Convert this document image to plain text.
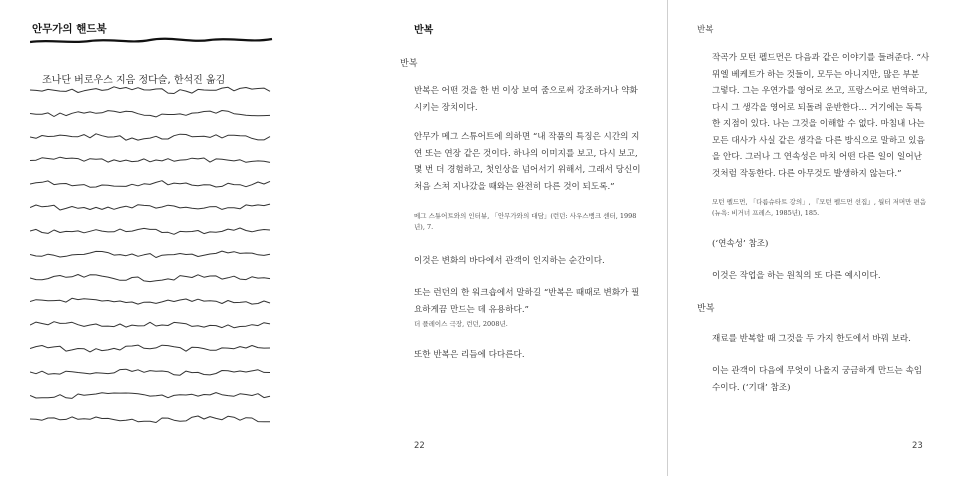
안무가의 핸드북
조나단 버로우스 지음 정다슬, 한석진 옮김
반복
반복
반복은 어떤 것을 한 번 이상 보여 줌으로써 강조하거나 약화시키는 장치이다.
안무가 메그 스튜어트에 의하면 “내 작품의 특징은 시간의 지연 또는 연장 같은 것이다. 하나의 이미지를 보고, 다시 보고, 몇 번 더 경험하고, 첫인상을 넘어서기 위해서, 그래서 당신이 처음 스쳐 지나갔을 때와는 완전히 다른 것이 되도록.”
메그 스튜어트와의 인터뷰, 「안무가와의 대담」(런던: 사우스뱅크 센터, 1998년), 7.
이것은 변화의 바다에서 관객이 인지하는 순간이다.
또는 런던의 한 워크숍에서 말하길 “반복은 때때로 변화가 필요하게끔 만드는 데 유용하다.”
더 플레이스 극장, 런던, 2008년.
또한 반복은 리듬에 다다른다.
22
반복
작곡가 모턴 펠드먼은 다음과 같은 이야기를 들려준다. “사뮈엘 베케트가 하는 것들이, 모두는 아니지만, 많은 부분 그렇다. 그는 우연가를 영어로 쓰고, 프랑스어로 번역하고, 다시 그 생각을 영어로 되돌려 운반한다… 거기에는 독특한 지점이 있다. 나는 그것을 이해할 수 없다. 마침내 나는 모든 대사가 사실 같은 생각을 다른 방식으로 말하고 있음을 안다. 그러나 그 연속성은 마치 어떤 다른 일이 일어난 것처럼 작동한다. 다른 아무것도 발생하지 않는다.”
모턴 펠드먼, 「다름슈타트 강의」, 『모턴 펠드먼 선집』, 월터 저머만 편음 (뉴욕: 비거너 프레스, 1985년), 185.
(‘연속성’ 참조)
이것은 작업을 하는 원칙의 또 다른 예시이다.
반복
재료를 반복할 때 그것을 두 가지 한도에서 바꿔 보라.
이는 관객이 다음에 무엇이 나올지 궁금하게 만드는 속임수이다. (‘기대’ 참조)
23
